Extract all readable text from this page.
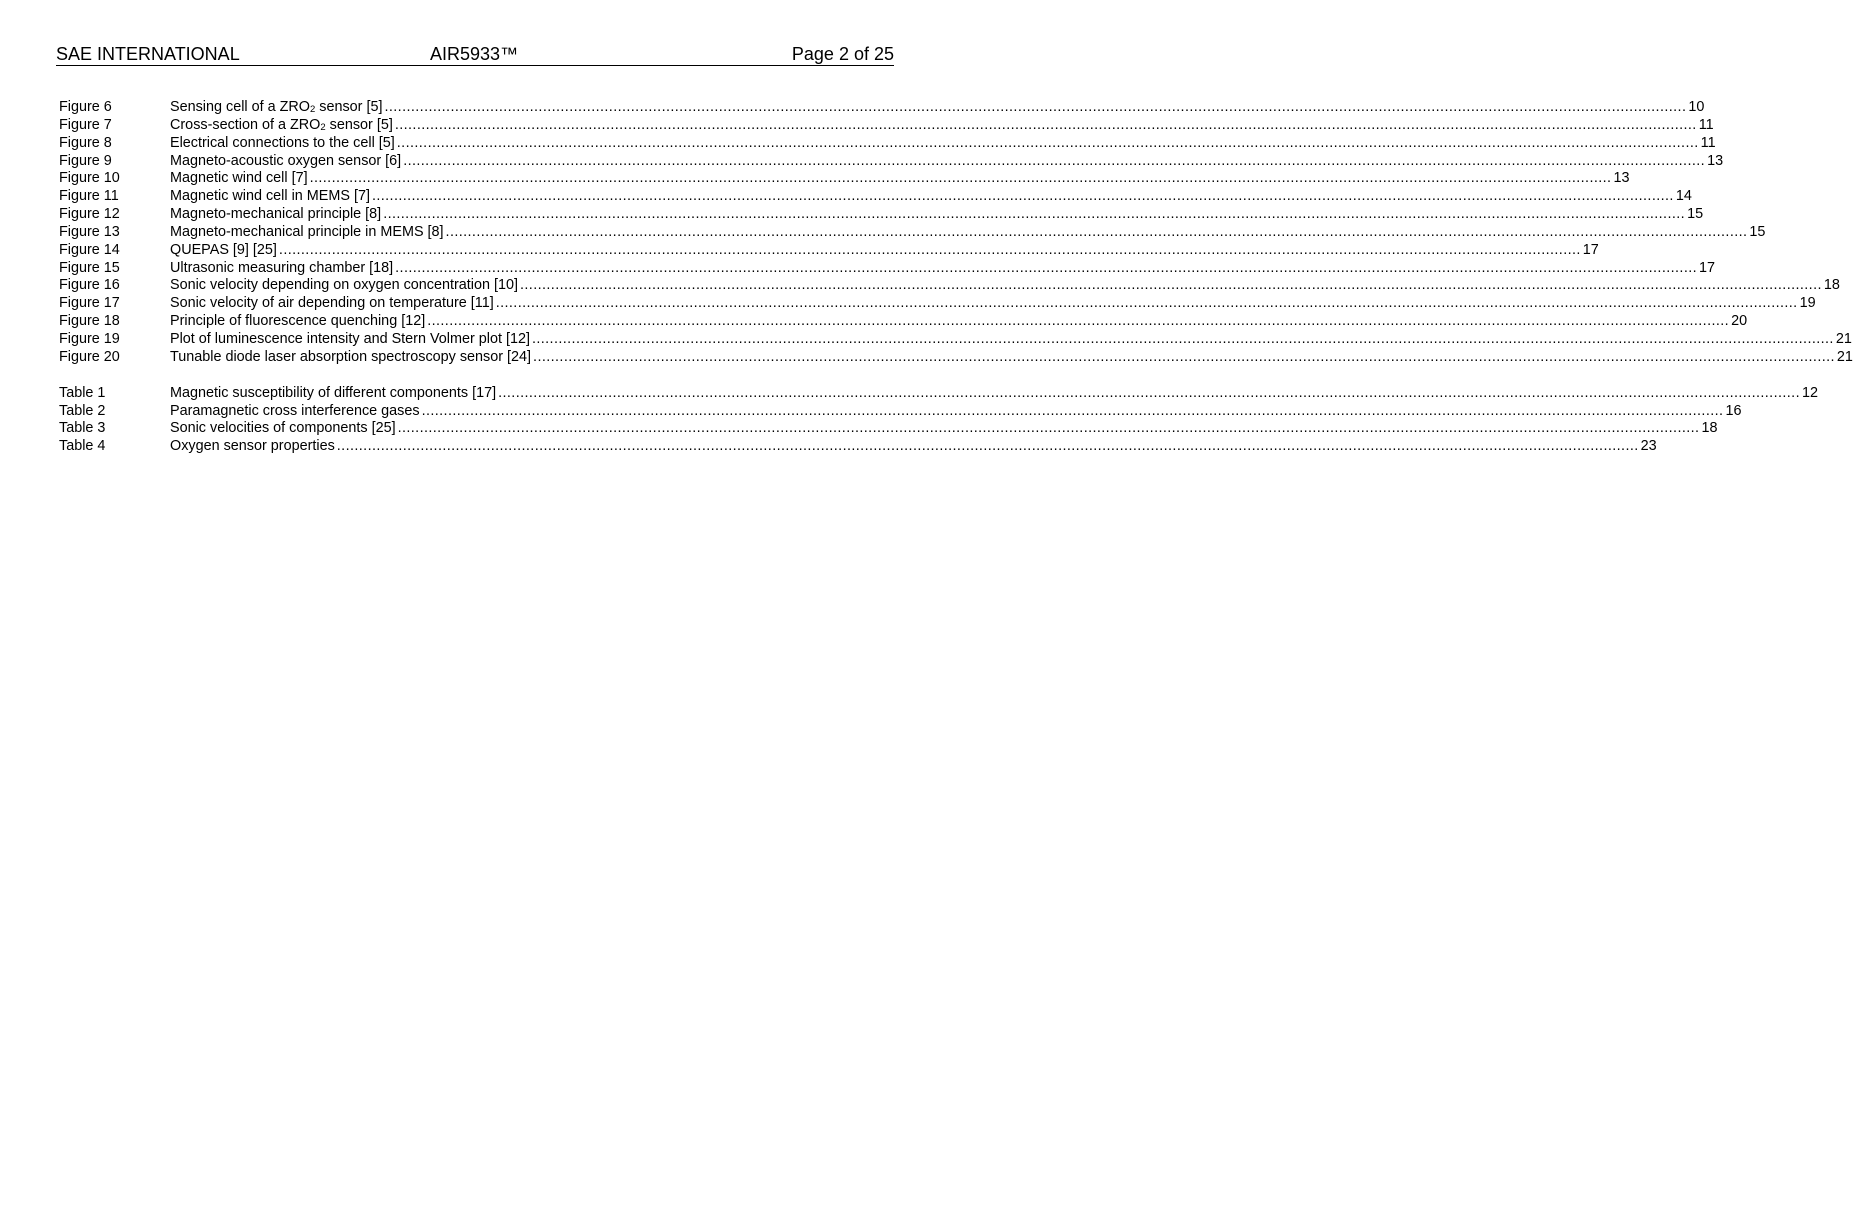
SAE INTERNATIONAL	AIR5933™	Page 2 of 25
Figure 6	Sensing cell of a ZRO2 sensor [5] .....	10
Figure 7	Cross-section of a ZRO2 sensor [5] .....	11
Figure 8	Electrical connections to the cell [5] .....	11
Figure 9	Magneto-acoustic oxygen sensor [6] .....	13
Figure 10	Magnetic wind cell [7] .....	13
Figure 11	Magnetic wind cell in MEMS [7] .....	14
Figure 12	Magneto-mechanical principle [8] .....	15
Figure 13	Magneto-mechanical principle in MEMS [8] .....	15
Figure 14	QUEPAS [9] [25] .....	17
Figure 15	Ultrasonic measuring chamber [18] .....	17
Figure 16	Sonic velocity depending on oxygen concentration [10] .....	18
Figure 17	Sonic velocity of air depending on temperature [11] .....	19
Figure 18	Principle of fluorescence quenching [12] .....	20
Figure 19	Plot of luminescence intensity and Stern Volmer plot [12] .....	21
Figure 20	Tunable diode laser absorption spectroscopy sensor [24] .....	21
Table 1	Magnetic susceptibility of different components [17] .....	12
Table 2	Paramagnetic cross interference gases .....	16
Table 3	Sonic velocities of components [25] .....	18
Table 4	Oxygen sensor properties .....	23
